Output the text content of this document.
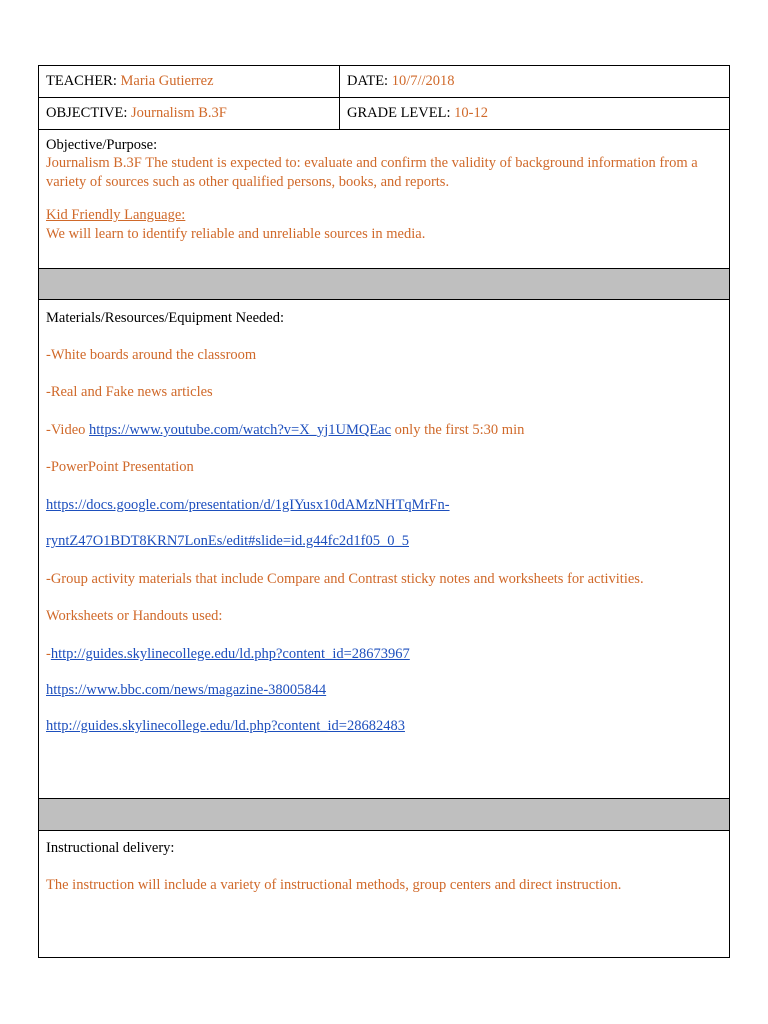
TEACHER: Maria Gutierrez	DATE: 10/7//2018
OBJECTIVE: Journalism B.3F	GRADE LEVEL: 10-12
Objective/Purpose:
Journalism B.3F The student is expected to: evaluate and confirm the validity of background information from a
variety of sources such as other qualified persons, books, and reports.
Kid Friendly Language:
We will learn to identify reliable and unreliable sources in media.
Materials/Resources/Equipment Needed:
-White boards around the classroom
-Real and Fake news articles
-Video https://www.youtube.com/watch?v=X_yj1UMQEac only the first 5:30 min
-PowerPoint Presentation
https://docs.google.com/presentation/d/1gIYusx10dAMzNHTqMrFn-
ryntZ47O1BDT8KRN7LonEs/edit#slide=id.g44fc2d1f05_0_5
-Group activity materials that include Compare and Contrast sticky notes and worksheets for activities.
Worksheets or Handouts used:
-http://guides.skylinecollege.edu/ld.php?content_id=28673967
https://www.bbc.com/news/magazine-38005844
http://guides.skylinecollege.edu/ld.php?content_id=28682483
Instructional delivery:
The instruction will include a variety of instructional methods, group centers and direct instruction.
